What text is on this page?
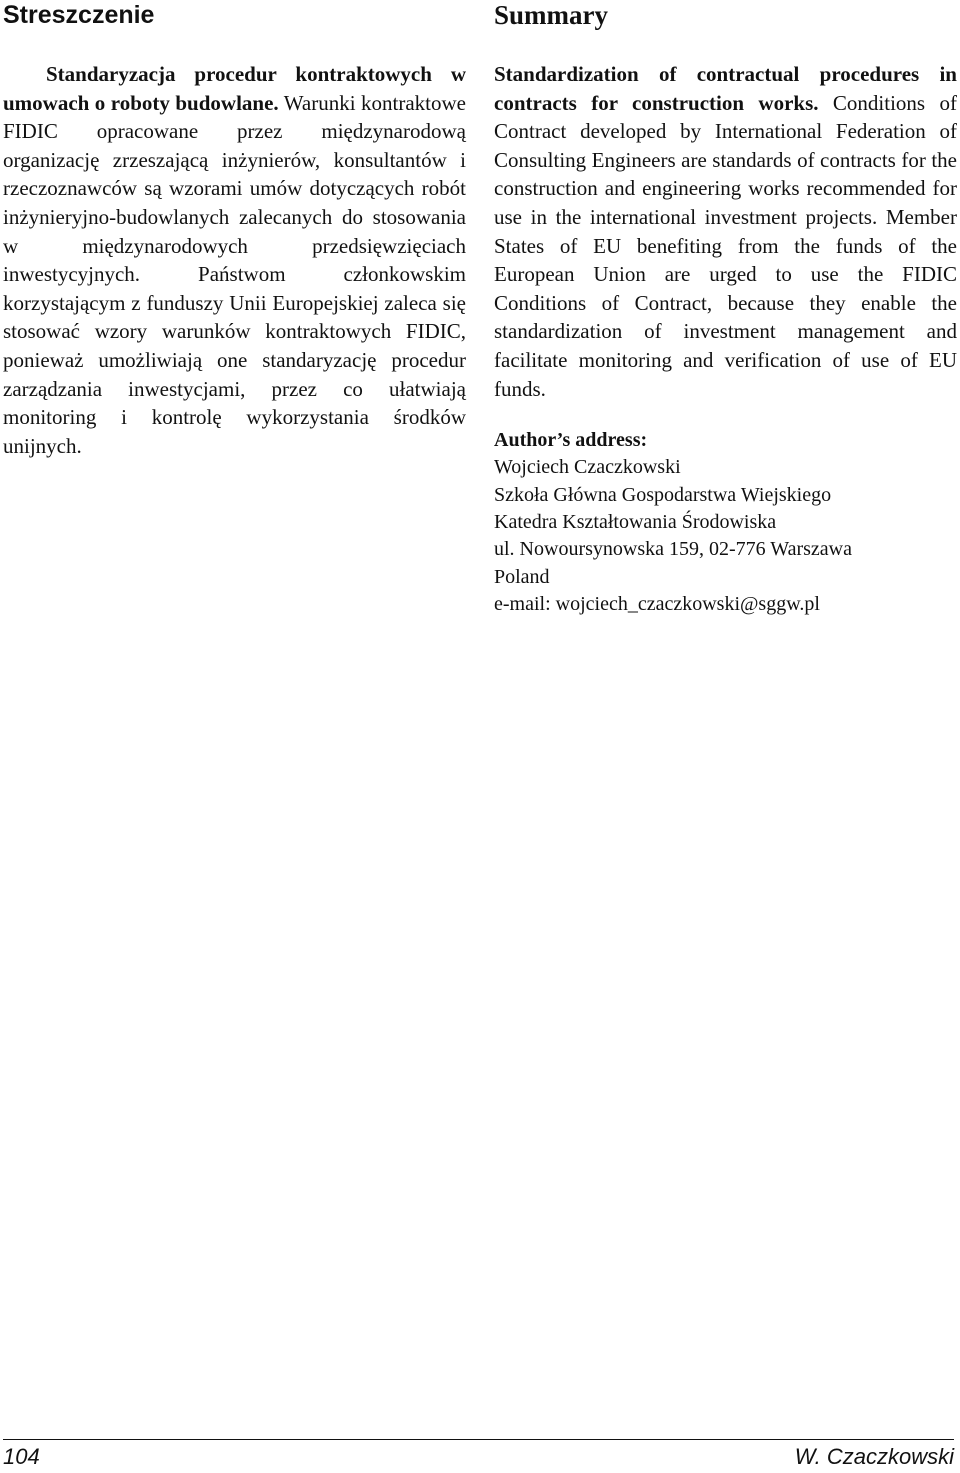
Streszczenie

Standaryzacja procedur kontraktowych w umowach o roboty budowlane. Warunki kontraktowe FIDIC opracowane przez międzynarodową organizację zrzeszającą inżynierów, konsultantów i rzeczoznawców są wzorami umów dotyczących robót inżynieryjno-budowlanych zalecanych do stosowania w międzynarodowych przedsięwzięciach inwestycyjnych. Państwom członkowskim korzystającym z funduszy Unii Europejskiej zaleca się stosować wzory warunków kontraktowych FIDIC, ponieważ umożliwiają one standaryzację procedur zarządzania inwestycjami, przez co ułatwiają monitoring i kontrolę wykorzystania środków unijnych.

Summary

Standardization of contractual procedures in contracts for construction works. Conditions of Contract developed by International Federation of Consulting Engineers are standards of contracts for the construction and engineering works recommended for use in the international investment projects. Member States of EU benefiting from the funds of the European Union are urged to use the FIDIC Conditions of Contract, because they enable the standardization of investment management and facilitate monitoring and verification of use of EU funds.

Author’s address:
Wojciech Czaczkowski
Szkoła Główna Gospodarstwa Wiejskiego
Katedra Kształtowania Środowiska
ul. Nowoursynowska 159, 02-776 Warszawa
Poland
e-mail: wojciech_czaczkowski@sggw.pl
104	W. Czaczkowski
